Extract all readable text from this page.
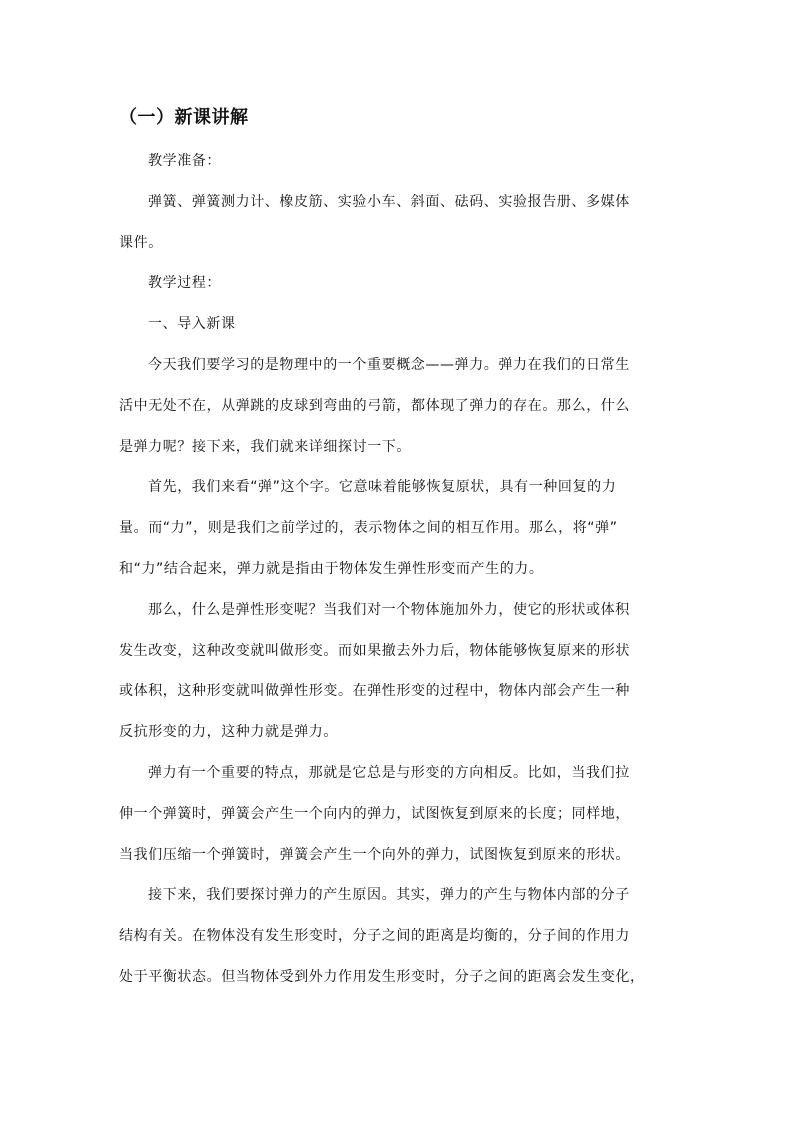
（一）新课讲解

教学准备：

弹簧、弹簧测力计、橡皮筋、实验小车、斜面、砝码、实验报告册、多媒体

课件。

教学过程：

一、导入新课

今天我们要学习的是物理中的一个重要概念——弹力。弹力在我们的日常生

活中无处不在，从弹跳的皮球到弯曲的弓箭，都体现了弹力的存在。那么，什么

是弹力呢？接下来，我们就来详细探讨一下。

首先，我们来看“弹”这个字。它意味着能够恢复原状，具有一种回复的力

量。而“力”，则是我们之前学过的，表示物体之间的相互作用。那么，将“弹”

和“力”结合起来，弹力就是指由于物体发生弹性形变而产生的力。

那么，什么是弹性形变呢？当我们对一个物体施加外力，使它的形状或体积

发生改变，这种改变就叫做形变。而如果撤去外力后，物体能够恢复原来的形状

或体积，这种形变就叫做弹性形变。在弹性形变的过程中，物体内部会产生一种

反抗形变的力，这种力就是弹力。

弹力有一个重要的特点，那就是它总是与形变的方向相反。比如，当我们拉

伸一个弹簧时，弹簧会产生一个向内的弹力，试图恢复到原来的长度；同样地，

当我们压缩一个弹簧时，弹簧会产生一个向外的弹力，试图恢复到原来的形状。

接下来，我们要探讨弹力的产生原因。其实，弹力的产生与物体内部的分子

结构有关。在物体没有发生形变时，分子之间的距离是均衡的，分子间的作用力

处于平衡状态。但当物体受到外力作用发生形变时，分子之间的距离会发生变化，
